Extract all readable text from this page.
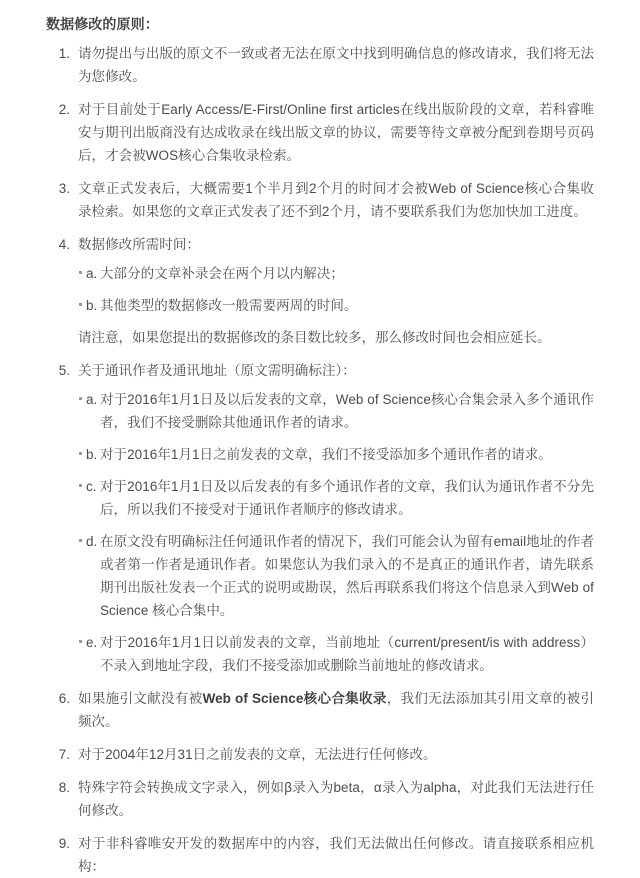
数据修改的原则：
1. 请勿提出与出版的原文不一致或者无法在原文中找到明确信息的修改请求，我们将无法为您修改。
2. 对于目前处于Early Access/E-First/Online first articles在线出版阶段的文章，若科睿唯安与期刊出版商没有达成收录在线出版文章的协议，需要等待文章被分配到卷期号页码后，才会被WOS核心合集收录检索。
3. 文章正式发表后，大概需要1个半月到2个月的时间才会被Web of Science核心合集收录检索。如果您的文章正式发表了还不到2个月，请不要联系我们为您加快加工进度。
4. 数据修改所需时间：
a. 大部分的文章补录会在两个月以内解决；
b. 其他类型的数据修改一般需要两周的时间。

请注意，如果您提出的数据修改的条目数比较多，那么修改时间也会相应延长。

5. 关于通讯作者及通讯地址（原文需明确标注）：
a. 对于2016年1月1日及以后发表的文章，Web of Science核心合集会录入多个通讯作者，我们不接受删除其他通讯作者的请求。
b. 对于2016年1月1日之前发表的文章，我们不接受添加多个通讯作者的请求。
c. 对于2016年1月1日及以后发表的有多个通讯作者的文章，我们认为通讯作者不分先后，所以我们不接受对于通讯作者顺序的修改请求。
d. 在原文没有明确标注任何通讯作者的情况下，我们可能会认为留有email地址的作者或者第一作者是通讯作者。如果您认为我们录入的不是真正的通讯作者，请先联系期刊出版社发表一个正式的说明或勘误，然后再联系我们将这个信息录入到Web of Science 核心合集中。
e. 对于2016年1月1日以前发表的文章，当前地址（current/present/is with address）不录入到地址字段，我们不接受添加或删除当前地址的修改请求。
6. 如果施引文献没有被Web of Science核心合集收录，我们无法添加其引用文章的被引频次。
7. 对于2004年12月31日之前发表的文章，无法进行任何修改。
8. 特殊字符会转换成文字录入，例如β录入为beta，α录入为alpha，对此我们无法进行任何修改。
9. 对于非科睿唯安开发的数据库中的内容，我们无法做出任何修改。请直接联系相应机构：
